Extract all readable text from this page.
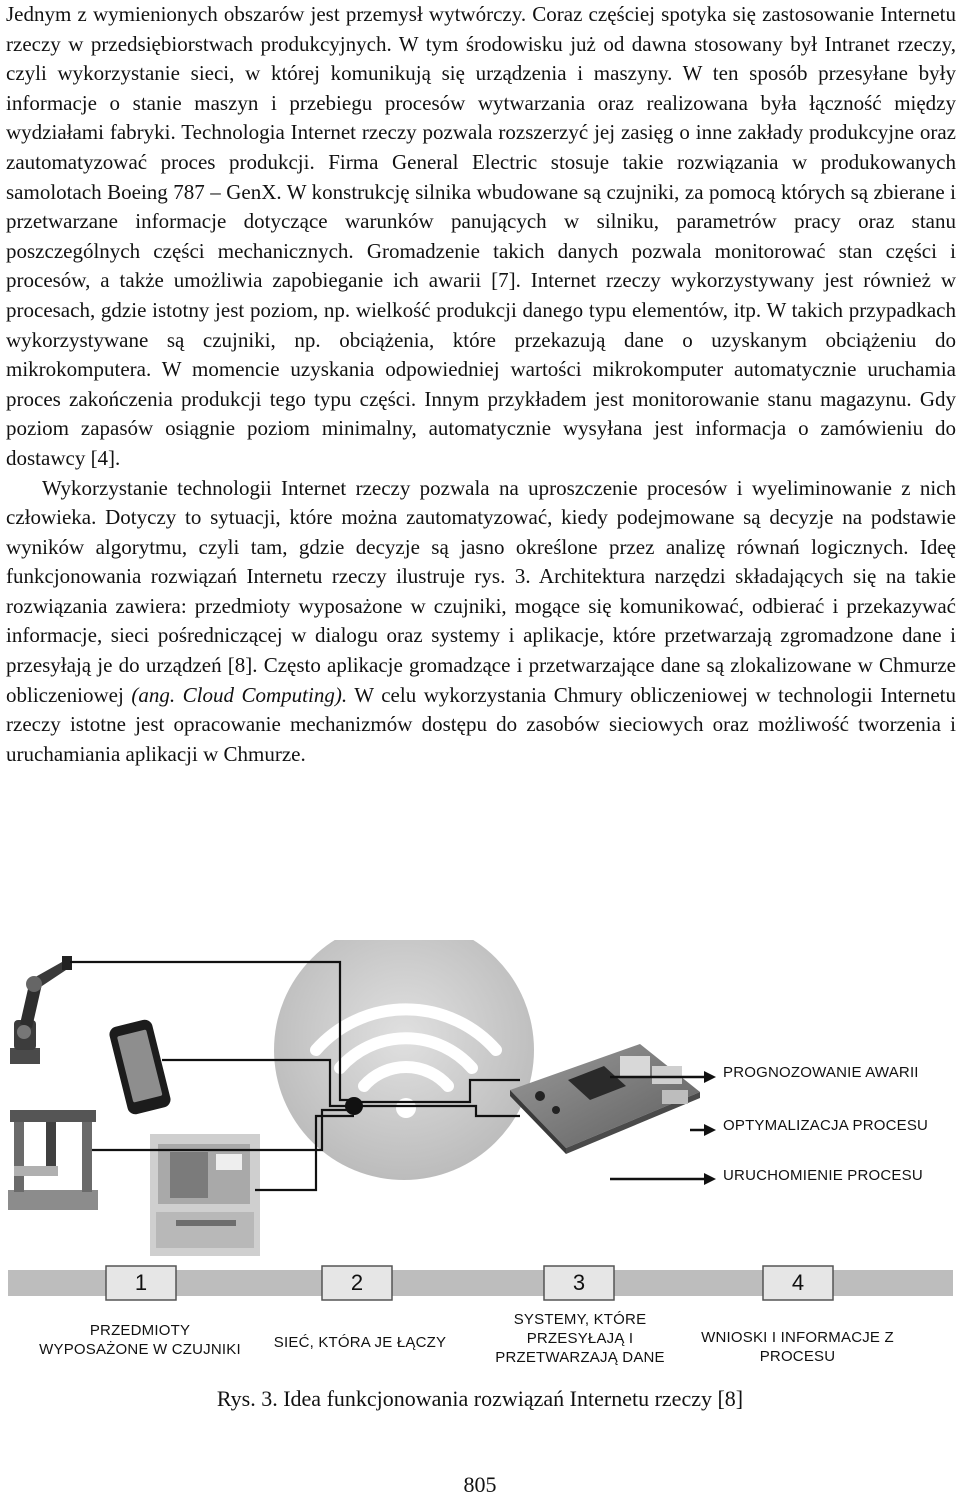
Jednym z wymienionych obszarów jest przemysł wytwórczy. Coraz częściej spotyka się zastosowanie Internetu rzeczy w przedsiębiorstwach produkcyjnych. W tym środowisku już od dawna stosowany był Intranet rzeczy, czyli wykorzystanie sieci, w której komunikują się urządzenia i maszyny. W ten sposób przesyłane były informacje o stanie maszyn i przebiegu procesów wytwarzania oraz realizowana była łączność między wydziałami fabryki. Technologia Internet rzeczy pozwala rozszerzyć jej zasięg o inne zakłady produkcyjne oraz zautomatyzować proces produkcji. Firma General Electric stosuje takie rozwiązania w produkowanych samolotach Boeing 787 – GenX. W konstrukcję silnika wbudowane są czujniki, za pomocą których są zbierane i przetwarzane informacje dotyczące warunków panujących w silniku, parametrów pracy oraz stanu poszczególnych części mechanicznych. Gromadzenie takich danych pozwala monitorować stan części i procesów, a także umożliwia zapobieganie ich awarii [7]. Internet rzeczy wykorzystywany jest również w procesach, gdzie istotny jest poziom, np. wielkość produkcji danego typu elementów, itp. W takich przypadkach wykorzystywane są czujniki, np. obciążenia, które przekazują dane o uzyskanym obciążeniu do mikrokomputera. W momencie uzyskania odpowiedniej wartości mikrokomputer automatycznie uruchamia proces zakończenia produkcji tego typu części. Innym przykładem jest monitorowanie stanu magazynu. Gdy poziom zapasów osiągnie poziom minimalny, automatycznie wysyłana jest informacja o zamówieniu do dostawcy [4].

Wykorzystanie technologii Internet rzeczy pozwala na uproszczenie procesów i wyeliminowanie z nich człowieka. Dotyczy to sytuacji, które można zautomatyzować, kiedy podejmowane są decyzje na podstawie wyników algorytmu, czyli tam, gdzie decyzje są jasno określone przez analizę równań logicznych. Ideę funkcjonowania rozwiązań Internetu rzeczy ilustruje rys. 3. Architektura narzędzi składających się na takie rozwiązania zawiera: przedmioty wyposażone w czujniki, mogące się komunikować, odbierać i przekazywać informacje, sieci pośredniczącej w dialogu oraz systemy i aplikacje, które przetwarzają zgromadzone dane i przesyłają je do urządzeń [8]. Często aplikacje gromadzące i przetwarzające dane są zlokalizowane w Chmurze obliczeniowej (ang. Cloud Computing). W celu wykorzystania Chmury obliczeniowej w technologii Internetu rzeczy istotne jest opracowanie mechanizmów dostępu do zasobów sieciowych oraz możliwość tworzenia i uruchamiania aplikacji w Chmurze.

PROGNOZOWANIE AWARII
OPTYMALIZACJA PROCESU
URUCHOMIENIE PROCESU
1	2	3	4
PRZEDMIOTY
WYPOSAŻONE W CZUJNIKI	SIEĆ, KTÓRA JE ŁĄCZY
SYSTEMY, KTÓRE
PRZESYŁAJĄ I
PRZETWARZAJĄ DANE
WNIOSKI I INFORMACJE Z
PROCESU
Rys. 3. Idea funkcjonowania rozwiązań Internetu rzeczy [8]
805
